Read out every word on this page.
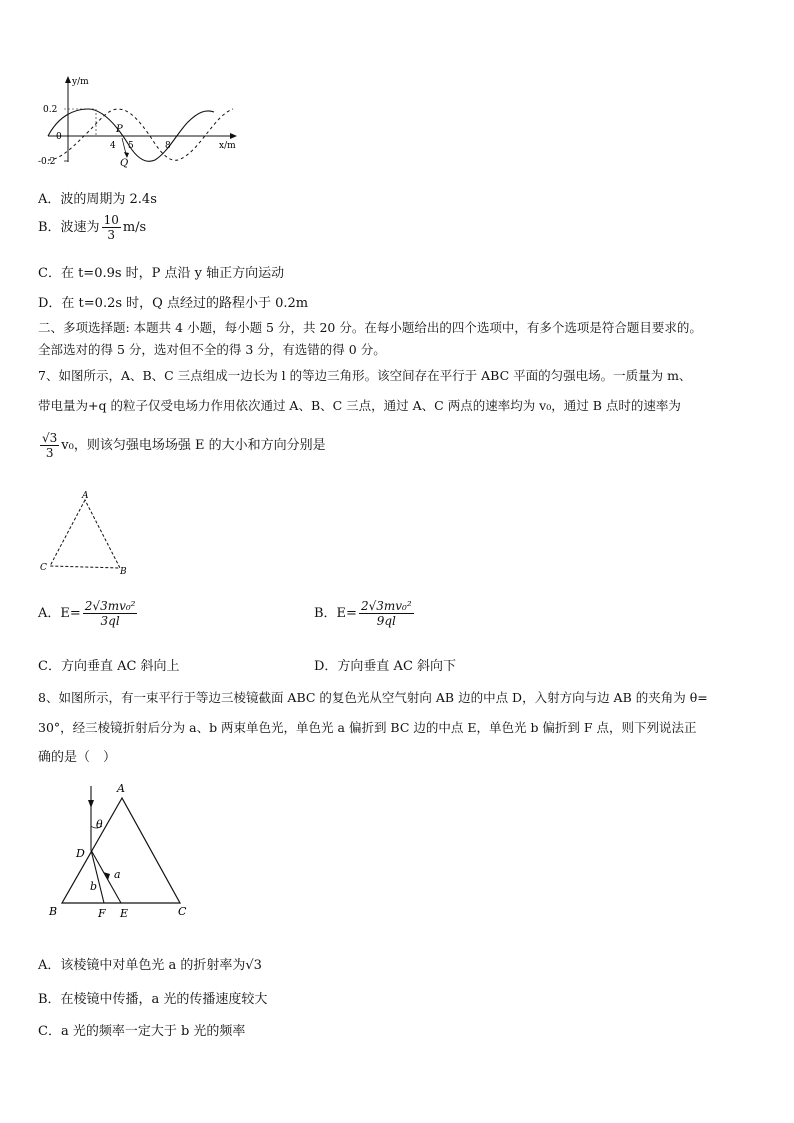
y/m
x/m
0.2
0
-0.2
4 5	8
P
Q
A．波的周期为 2.4s
B．波速为 $\frac{10}{3} m/s$
C．在 t=0.9s 时，P 点沿 y 轴正方向运动
D．在 t=0.2s 时，Q 点经过的路程小于 0.2m
二、多项选择题: 本题共 4 小题，每小题 5 分，共 20 分。在每小题给出的四个选项中，有多个选项是符合题目要求的。
全部选对的得 5 分，选对但不全的得 3 分，有选错的得 0 分。
7、如图所示，A、B、C 三点组成一边长为 l 的等边三角形。该空间存在平行于 ABC 平面的匀强电场。一质量为 m、
带电量为+q 的粒子仅受电场力作用依次通过 A、B、C 三点，通过 A、C 两点的速率均为 v₀，通过 B 点时的速率为
$\frac{√3}{3} v_0$，则该匀强电场场强 E 的大小和方向分别是
A
C	B
A．$E= \frac{\text{2√3mv₀²}}{3ql}$	B．$E= \frac{\text{2√3mv₀²}}{9ql}$
C．方向垂直 AC 斜向上	D．方向垂直 AC 斜向下
8、如图所示，有一束平行于等边三棱镜截面 ABC 的复色光从空气射向 AB 边的中点 D，入射方向与边 AB 的夹角为 θ=
30°，经三棱镜折射后分为 a、b 两束单色光，单色光 a 偏折到 BC 边的中点 E，单色光 b 偏折到 F 点，则下列说法正
确的是（　）
A
θ
D
a
b
B	F E	C
A．该棱镜中对单色光 a 的折射率为√3
B．在棱镜中传播，a 光的传播速度较大
C．a 光的频率一定大于 b 光的频率
